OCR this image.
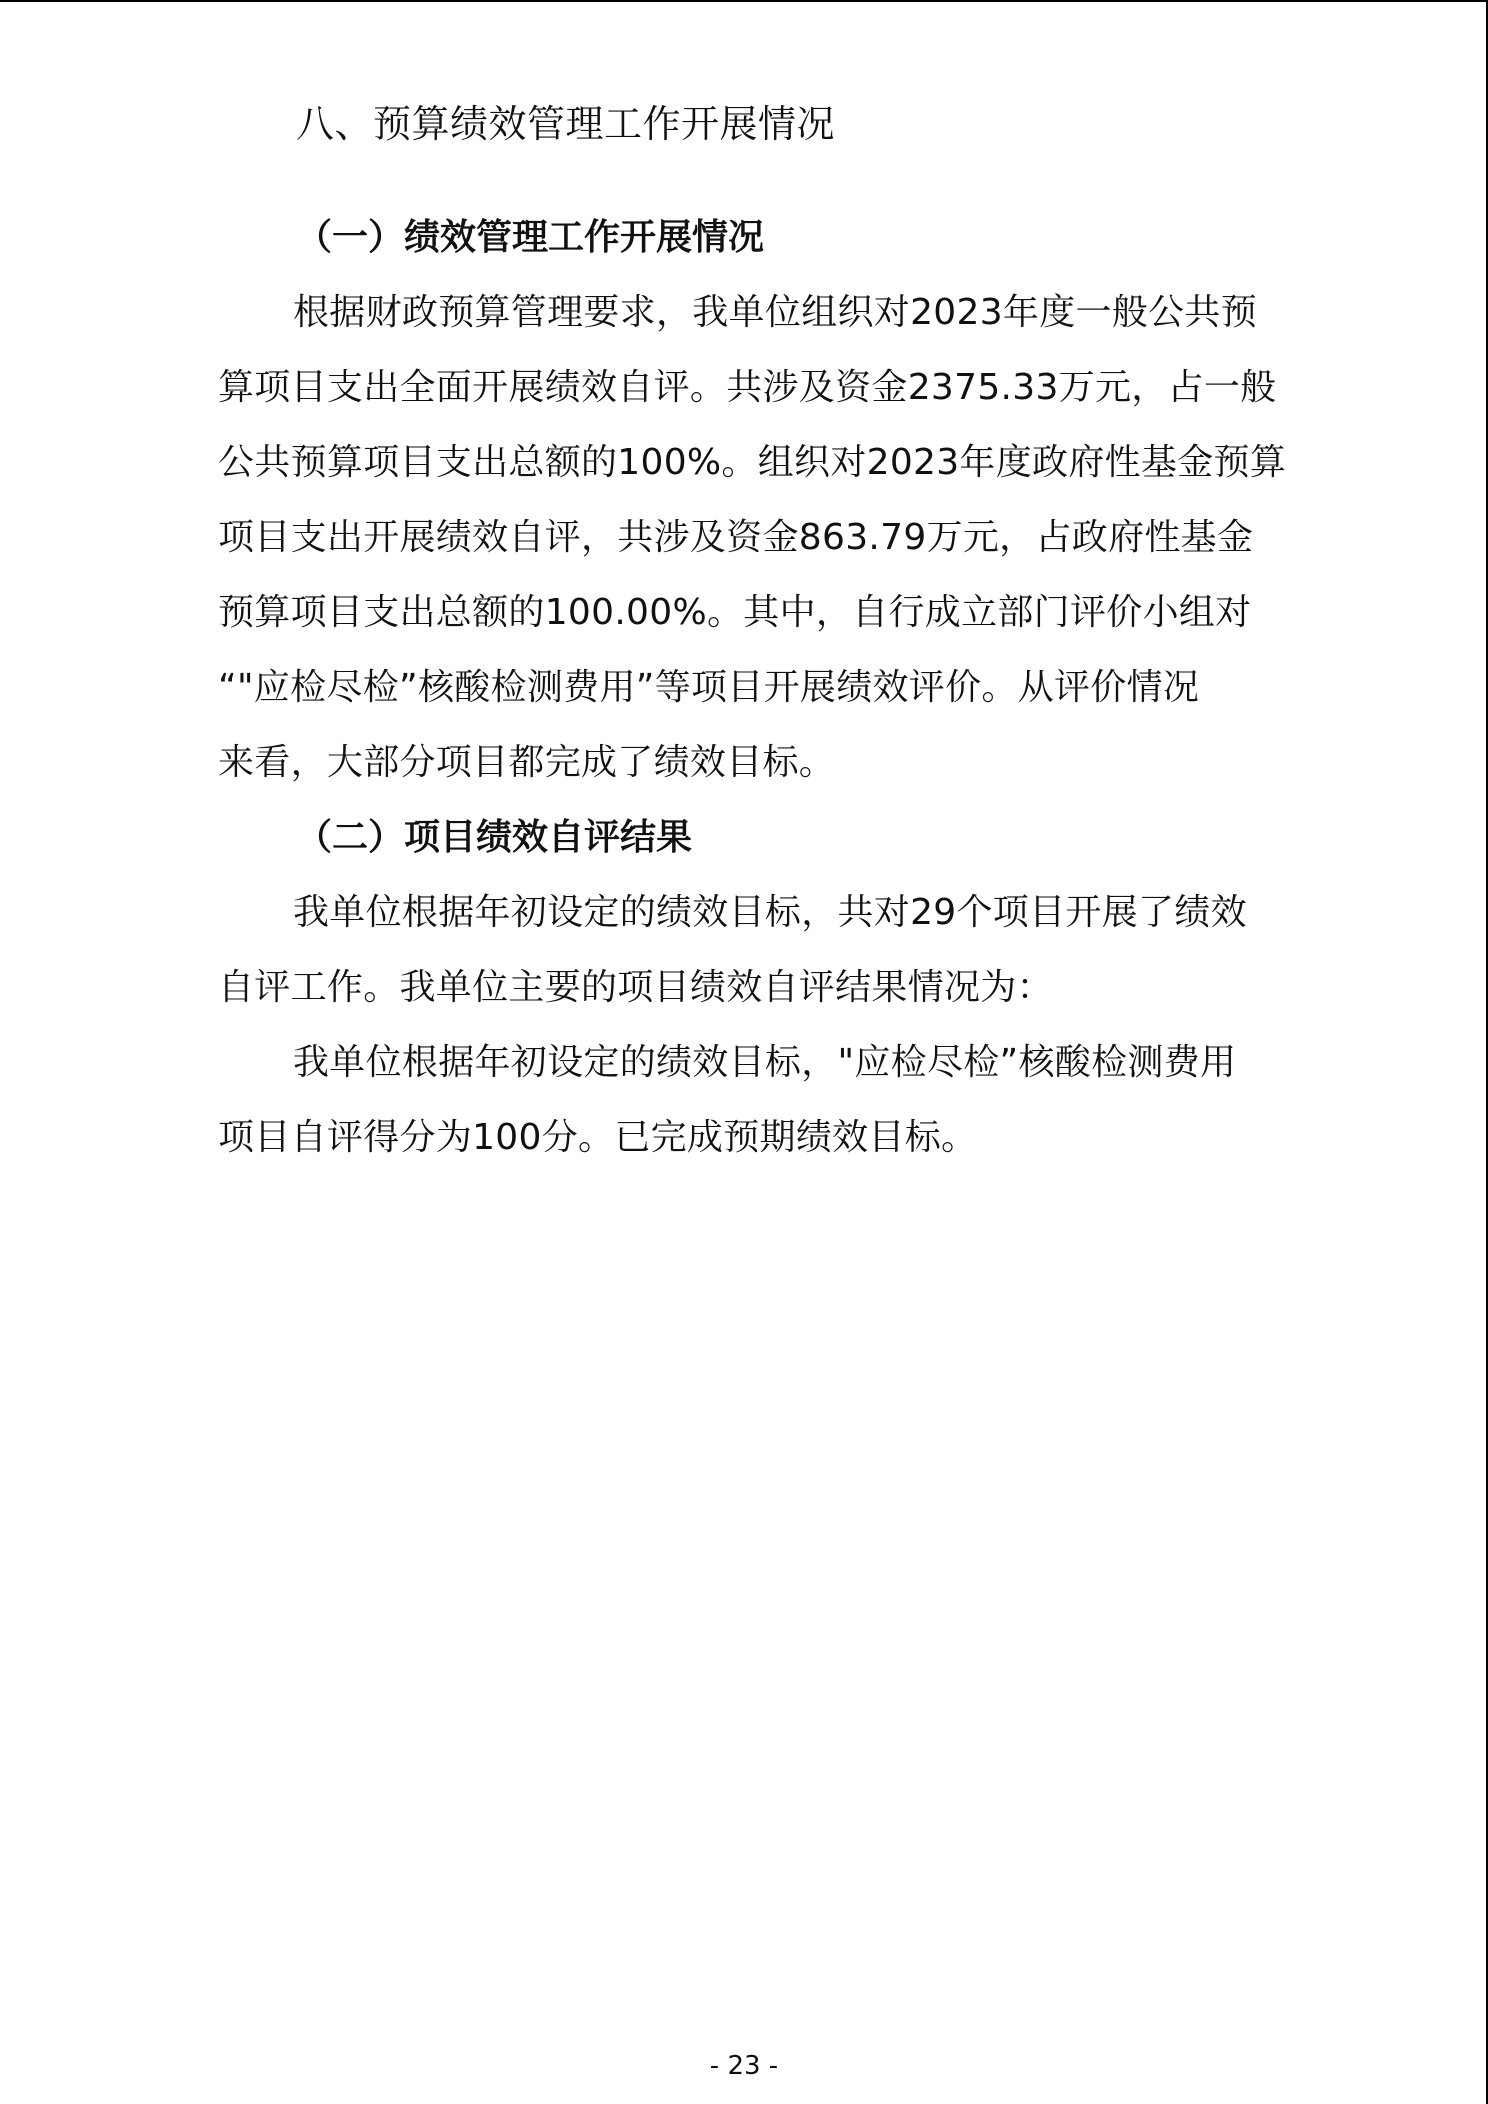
八、预算绩效管理工作开展情况
（一）绩效管理工作开展情况

根据财政预算管理要求，我单位组织对2023年度一般公共预
算项目支出全面开展绩效自评。共涉及资金2375.33万元，占一般
公共预算项目支出总额的100%。组织对2023年度政府性基金预算
项目支出开展绩效自评，共涉及资金863.79万元，占政府性基金
预算项目支出总额的100.00%。其中，自行成立部门评价小组对
“"应检尽检”核酸检测费用”等项目开展绩效评价。从评价情况
来看，大部分项目都完成了绩效目标。

（二）项目绩效自评结果

我单位根据年初设定的绩效目标，共对29个项目开展了绩效
自评工作。我单位主要的项目绩效自评结果情况为：

我单位根据年初设定的绩效目标，"应检尽检”核酸检测费用
项目自评得分为100分。已完成预期绩效目标。

- 23 -
